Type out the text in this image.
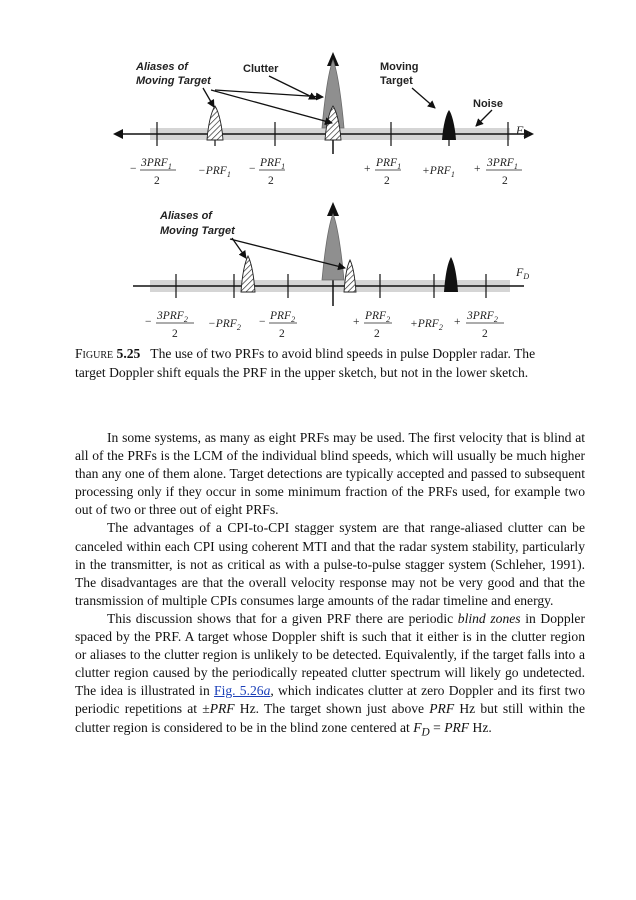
Aliases of
Moving Target
Clutter	Moving
Target
Noise
$F_D$
− $3PRF_1$
2
$-PRF_1 - PRF_1$
2
+ $PRF_1$
2
$+PRF_1 + 3PRF_1$
2
Aliases of
Moving Target
$F_D$
− $3PRF_2$
2
$-PRF_2 - PRF_2$
2
+ $PRF_2$
2
$+PRF_2 + 3PRF_2$
2
Figure 5.25 The use of two PRFs to avoid blind speeds in pulse Doppler radar. The target Doppler shift equals the PRF in the upper sketch, but not in the lower sketch.

In some systems, as many as eight PRFs may be used. The first velocity that is blind at all of the PRFs is the LCM of the individual blind speeds, which will usually be much higher than any one of them alone. Target detections are typically accepted and passed to subsequent processing only if they occur in some minimum fraction of the PRFs used, for example two out of two or three out of eight PRFs.

The advantages of a CPI-to-CPI stagger system are that range-aliased clutter can be canceled within each CPI using coherent MTI and that the radar system stability, particularly in the transmitter, is not as critical as with a pulse-to-pulse stagger system (Schleher, 1991). The disadvantages are that the overall velocity response may not be very good and that the transmission of multiple CPIs consumes large amounts of the radar timeline and energy.

This discussion shows that for a given PRF there are periodic blind zones in Doppler spaced by the PRF. A target whose Doppler shift is such that it either is in the clutter region or aliases to the clutter region is unlikely to be detected. Equivalently, if the target falls into a clutter region caused by the periodically repeated clutter spectrum will likely go undetected. The idea is illustrated in Fig. 5.26a, which indicates clutter at zero Doppler and its first two periodic repetitions at ±PRF Hz. The target shown just above PRF Hz but still within the clutter region is considered to be in the blind zone centered at $F_D$ = PRF Hz.
